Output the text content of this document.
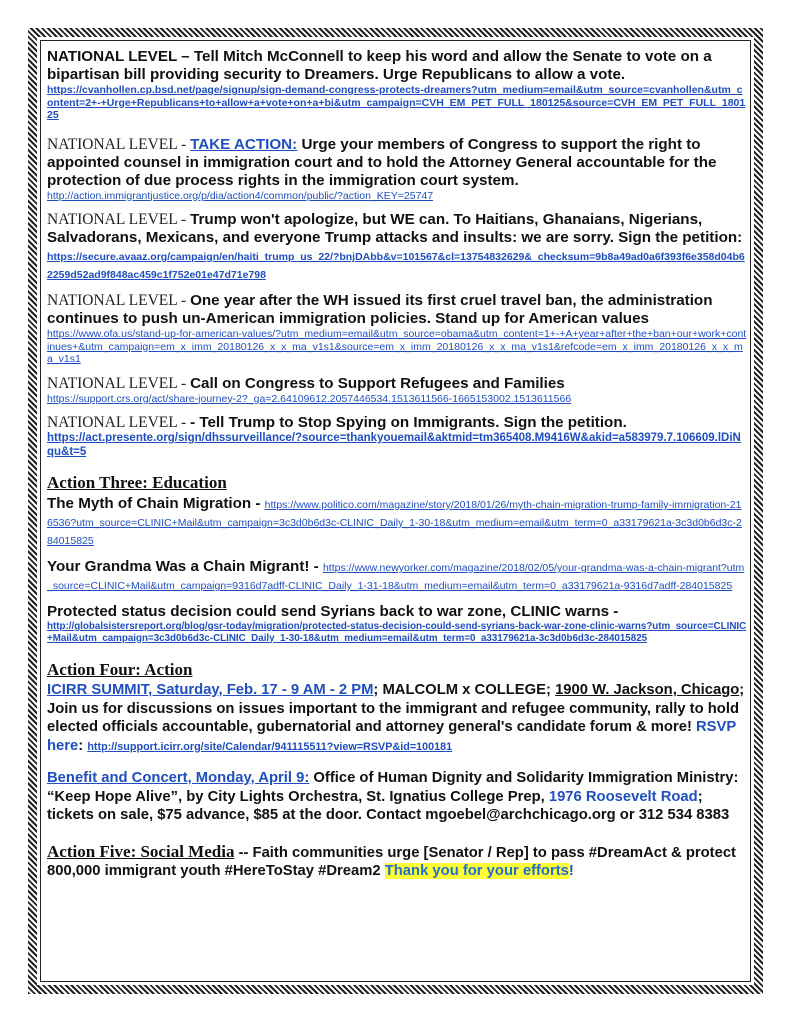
NATIONAL LEVEL – Tell Mitch McConnell to keep his word and allow the Senate to vote on a bipartisan bill providing security to Dreamers. Urge Republicans to allow a vote.
https://cvanhollen.cp.bsd.net/page/signup/sign-demand-congress-protects-dreamers?utm_medium=email&utm_source=cvanhollen&utm_content=2+-+Urge+Republicans+to+allow+a+vote+on+a+bi&utm_campaign=CVH_EM_PET_FULL_180125&source=CVH_EM_PET_FULL_180125
NATIONAL LEVEL - TAKE ACTION: Urge your members of Congress to support the right to appointed counsel in immigration court and to hold the Attorney General accountable for the protection of due process rights in the immigration court system.
http://action.immigrantjustice.org/p/dia/action4/common/public/?action_KEY=25747
NATIONAL LEVEL - Trump won't apologize, but WE can. To Haitians, Ghanaians, Nigerians, Salvadorans, Mexicans, and everyone Trump attacks and insults: we are sorry. Sign the petition: https://secure.avaaz.org/campaign/en/haiti_trump_us_22/?bnjDAbb&v=101567&cl=13754832629&_checksum=9b8a49ad0a6f393f6e358d04b62259d52ad9f848ac459c1f752e01e47d71e798
NATIONAL LEVEL - One year after the WH issued its first cruel travel ban, the administration continues to push un-American immigration policies. Stand up for American values
https://www.ofa.us/stand-up-for-american-values/?utm_medium=email&utm_source=obama&utm_content=1+-+A+year+after+the+ban+our+work+continues+&utm_campaign=em_x_imm_20180126_x_x_ma_v1s1&source=em_x_imm_20180126_x_x_ma_v1s1&refcode=em_x_imm_20180126_x_x_ma_v1s1
NATIONAL LEVEL - Call on Congress to Support Refugees and Families
https://support.crs.org/act/share-journey-2?_ga=2.64109612.2057446534.1513611566-1665153002.1513611566
NATIONAL LEVEL - - Tell Trump to Stop Spying on Immigrants. Sign the petition.
https://act.presente.org/sign/dhssurveillance/?source=thankyouemail&aktmid=tm365408.M9416W&akid=a583979.7.106609.lDiNqu&t=5
Action Three: Education
The Myth of Chain Migration - https://www.politico.com/magazine/story/2018/01/26/myth-chain-migration-trump-family-immigration-216536?utm_source=CLINIC+Mail&utm_campaign=3c3d0b6d3c-CLINIC_Daily_1-30-18&utm_medium=email&utm_term=0_a33179621a-3c3d0b6d3c-284015825
Your Grandma Was a Chain Migrant! - https://www.newyorker.com/magazine/2018/02/05/your-grandma-was-a-chain-migrant?utm_source=CLINIC+Mail&utm_campaign=9316d7adff-CLINIC_Daily_1-31-18&utm_medium=email&utm_term=0_a33179621a-9316d7adff-284015825
Protected status decision could send Syrians back to war zone, CLINIC warns -
http://globalsistersreport.org/blog/gsr-today/migration/protected-status-decision-could-send-syrians-back-war-zone-clinic-warns?utm_source=CLINIC+Mail&utm_campaign=3c3d0b6d3c-CLINIC_Daily_1-30-18&utm_medium=email&utm_term=0_a33179621a-3c3d0b6d3c-284015825
Action Four: Action
ICIRR SUMMIT, Saturday, Feb. 17 - 9 AM - 2 PM; MALCOLM x COLLEGE; 1900 W. Jackson, Chicago; Join us for discussions on issues important to the immigrant and refugee community, rally to hold elected officials accountable, gubernatorial and attorney general's candidate forum & more! RSVP here: http://support.icirr.org/site/Calendar/941115511?view=RSVP&id=100181
Benefit and Concert, Monday, April 9: Office of Human Dignity and Solidarity Immigration Ministry: “Keep Hope Alive”, by City Lights Orchestra, St. Ignatius College Prep, 1976 Roosevelt Road; tickets on sale, $75 advance, $85 at the door. Contact mgoebel@archchicago.org or 312 534 8383
Action Five: Social Media -- Faith communities urge [Senator / Rep] to pass #DreamAct & protect 800,000 immigrant youth #HereToStay #Dream2 Thank you for your efforts!
